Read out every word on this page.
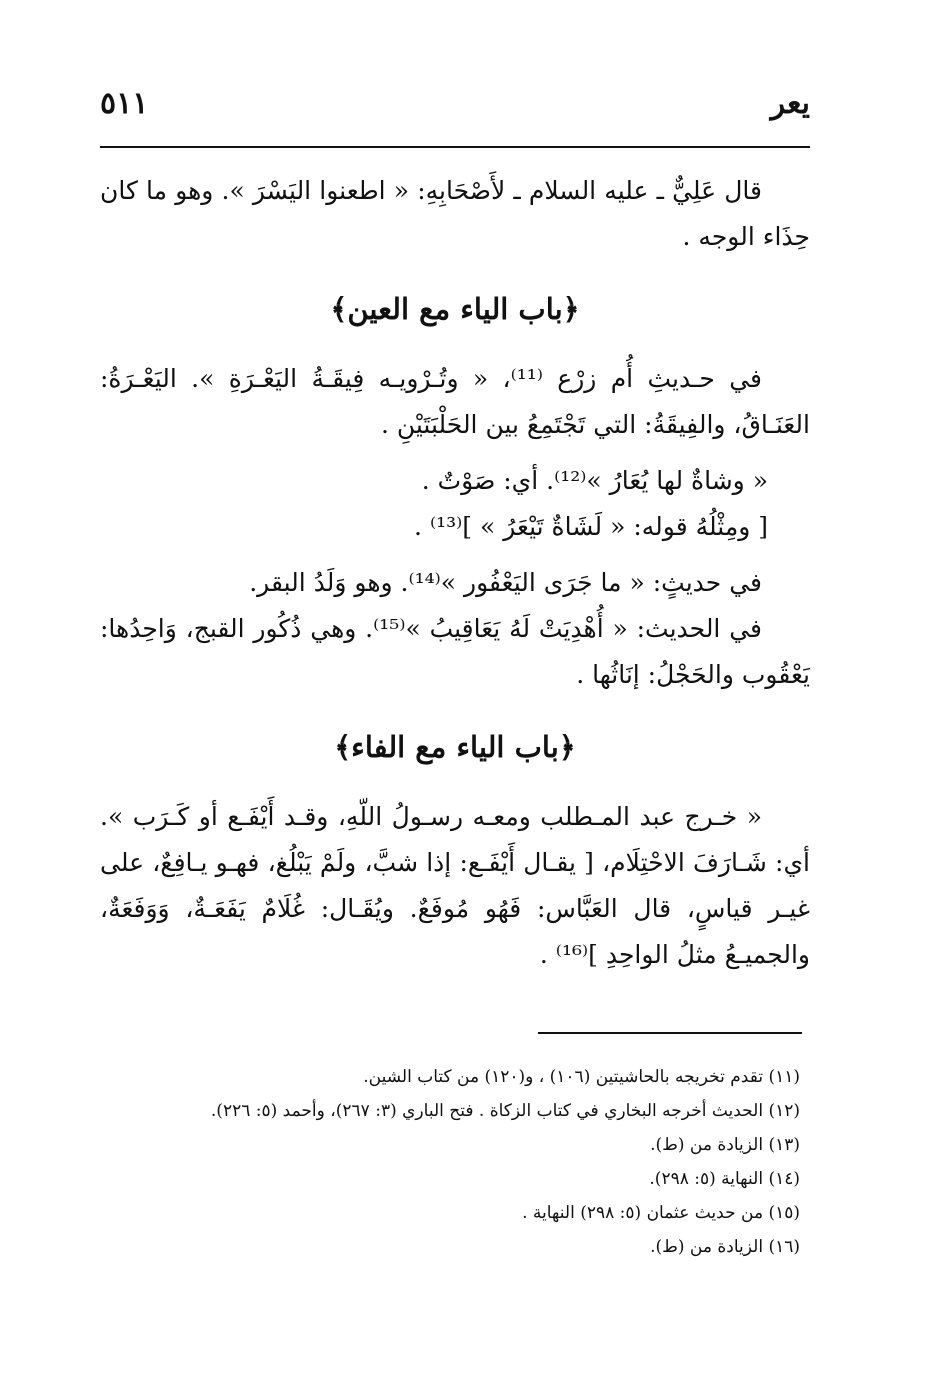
يعر
٥١١

قال عَلِيٌّ ـ عليه السلام ـ لأَصْحَابِهِ: « اطعنوا اليَسْرَ ». وهو ما كان حِذَاء الوجه .

﴿باب الياء مع العين﴾

في حـديثِ أُم زرْع ⁽¹¹⁾، « وتُـرْويـه فِيقَـةُ اليَعْـرَةِ ». اليَعْـرَةُ: العَنَـاقُ، والفِيقَةُ: التي تَجْتَمِعُ بين الحَلْبَتَيْنِ .

« وشاةٌ لها يُعَارُ »⁽¹²⁾. أي: صَوْتٌ .

[ ومِثْلُهُ قوله: « لَشَاةٌ تَيْعَرُ » ]⁽¹³⁾ .

في حديثٍ: « ما جَرَى اليَعْفُور »⁽¹⁴⁾. وهو وَلَدُ البقر.

في الحديث: « أُهْدِيَتْ لَهُ يَعَاقِيبُ »⁽¹⁵⁾. وهي ذُكُور القبج، وَاحِدُها: يَعْقُوب والحَجْلُ: إنَاثُها .

﴿باب الياء مع الفاء﴾

« خـرج عبد المـطلب ومعـه رسـولُ اللّهِ، وقـد أَيْفَـع أو كَـرَب ». أي: شَـارَفَ الاحْتِلَام، [ يقـال أَيْفَـع: إذا شبَّ، ولَمْ يَبْلُغ، فهـو يـافِعٌ، على غيـر قياسٍ، قال العَبَّاس: فَهُو مُوفَعٌ. ويُقَـال: غُلَامٌ يَفَعَـةٌ، وَوَفَعَةٌ، والجميـعُ مثلُ الواحِدِ ]⁽¹⁶⁾ .

(١١) تقدم تخريجه بالحاشيتين (١٠٦) ، و(١٢٠) من كتاب الشين.
(١٢) الحديث أخرجه البخاري في كتاب الزكاة . فتح الباري (٣: ٢٦٧)، وأحمد (٥: ٢٢٦).
(١٣) الزيادة من (ط).
(١٤) النهاية (٥: ٢٩٨).
(١٥) من حديث عثمان (٥: ٢٩٨) النهاية .
(١٦) الزيادة من (ط).
